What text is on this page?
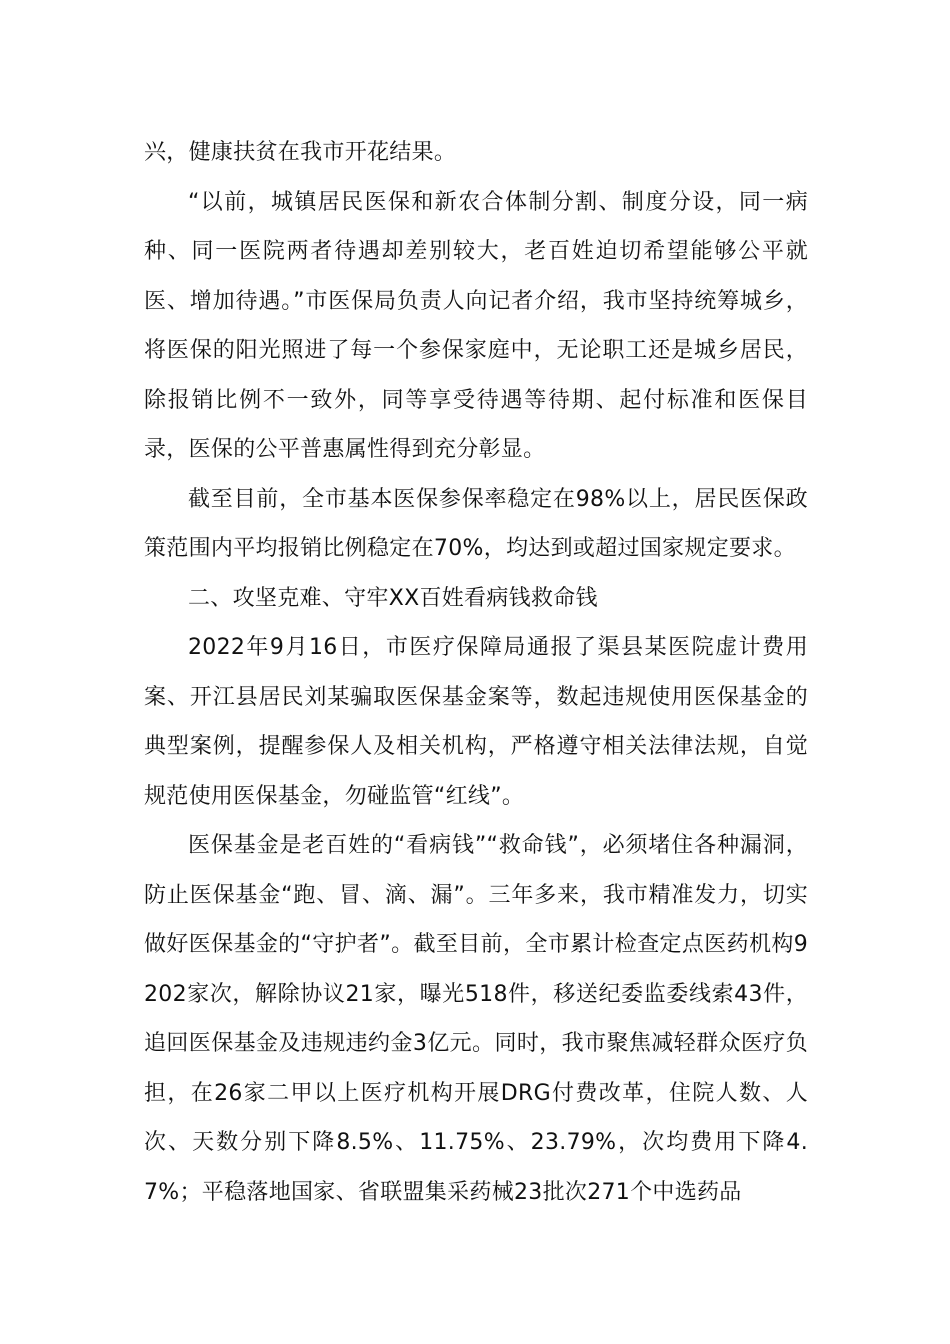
兴，健康扶贫在我市开花结果。

“以前，城镇居民医保和新农合体制分割、制度分设，同一病种、同一医院两者待遇却差别较大，老百姓迫切希望能够公平就医、增加待遇。”市医保局负责人向记者介绍，我市坚持统筹城乡，将医保的阳光照进了每一个参保家庭中，无论职工还是城乡居民，除报销比例不一致外，同等享受待遇等待期、起付标准和医保目录，医保的公平普惠属性得到充分彰显。

截至目前，全市基本医保参保率稳定在98%以上，居民医保政策范围内平均报销比例稳定在70%，均达到或超过国家规定要求。

二、攻坚克难、守牢XX百姓看病钱救命钱

2022年9月16日，市医疗保障局通报了渠县某医院虚计费用案、开江县居民刘某骗取医保基金案等，数起违规使用医保基金的典型案例，提醒参保人及相关机构，严格遵守相关法律法规，自觉规范使用医保基金，勿碰监管“红线”。

医保基金是老百姓的“看病钱”“救命钱”，必须堵住各种漏洞，防止医保基金“跑、冒、滴、漏”。三年多来，我市精准发力，切实做好医保基金的“守护者”。截至目前，全市累计检查定点医药机构9202家次，解除协议21家，曝光518件，移送纪委监委线索43件，追回医保基金及违规违约金3亿元。同时，我市聚焦减轻群众医疗负担，在26家二甲以上医疗机构开展DRG付费改革，住院人数、人次、天数分别下降8.5%、11.75%、23.79%，次均费用下降4.7%；平稳落地国家、省联盟集采药械23批次271个中选药品
